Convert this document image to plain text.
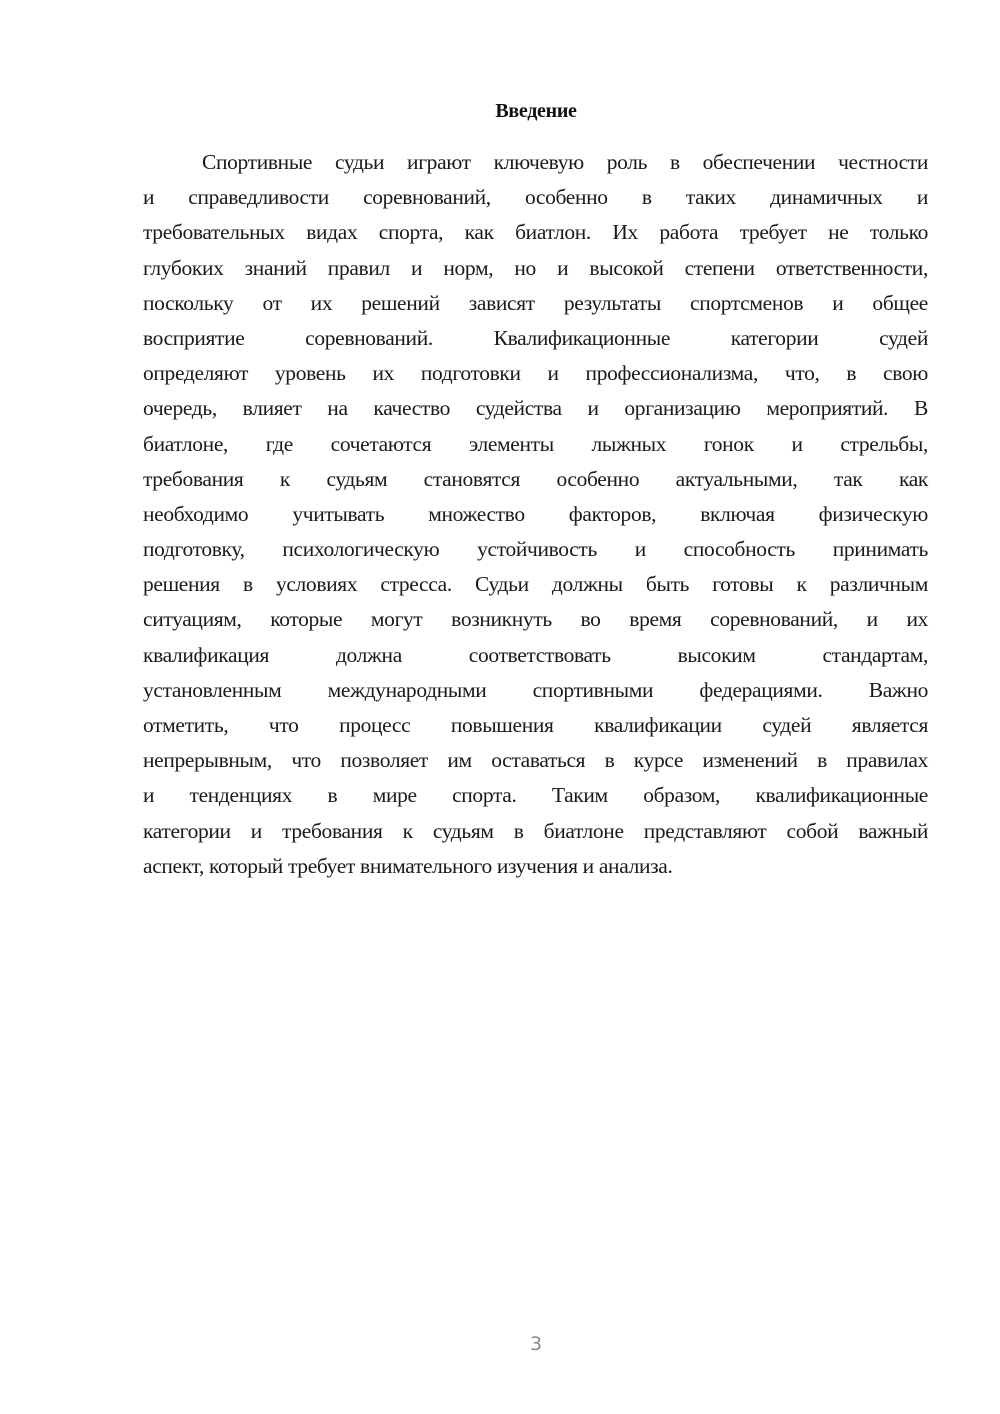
Введение
Спортивные судьи играют ключевую роль в обеспечении честности
и справедливости соревнований, особенно в таких динамичных и
требовательных видах спорта, как биатлон. Их работа требует не только
глубоких знаний правил и норм, но и высокой степени ответственности,
поскольку от их решений зависят результаты спортсменов и общее
восприятие соревнований. Квалификационные категории судей
определяют уровень их подготовки и профессионализма, что, в свою
очередь, влияет на качество судейства и организацию мероприятий. В
биатлоне, где сочетаются элементы лыжных гонок и стрельбы,
требования к судьям становятся особенно актуальными, так как
необходимо учитывать множество факторов, включая физическую
подготовку, психологическую устойчивость и способность принимать
решения в условиях стресса. Судьи должны быть готовы к различным
ситуациям, которые могут возникнуть во время соревнований, и их
квалификация должна соответствовать высоким стандартам,
установленным международными спортивными федерациями. Важно
отметить, что процесс повышения квалификации судей является
непрерывным, что позволяет им оставаться в курсе изменений в правилах
и тенденциях в мире спорта. Таким образом, квалификационные
категории и требования к судьям в биатлоне представляют собой важный
аспект, который требует внимательного изучения и анализа.
3
